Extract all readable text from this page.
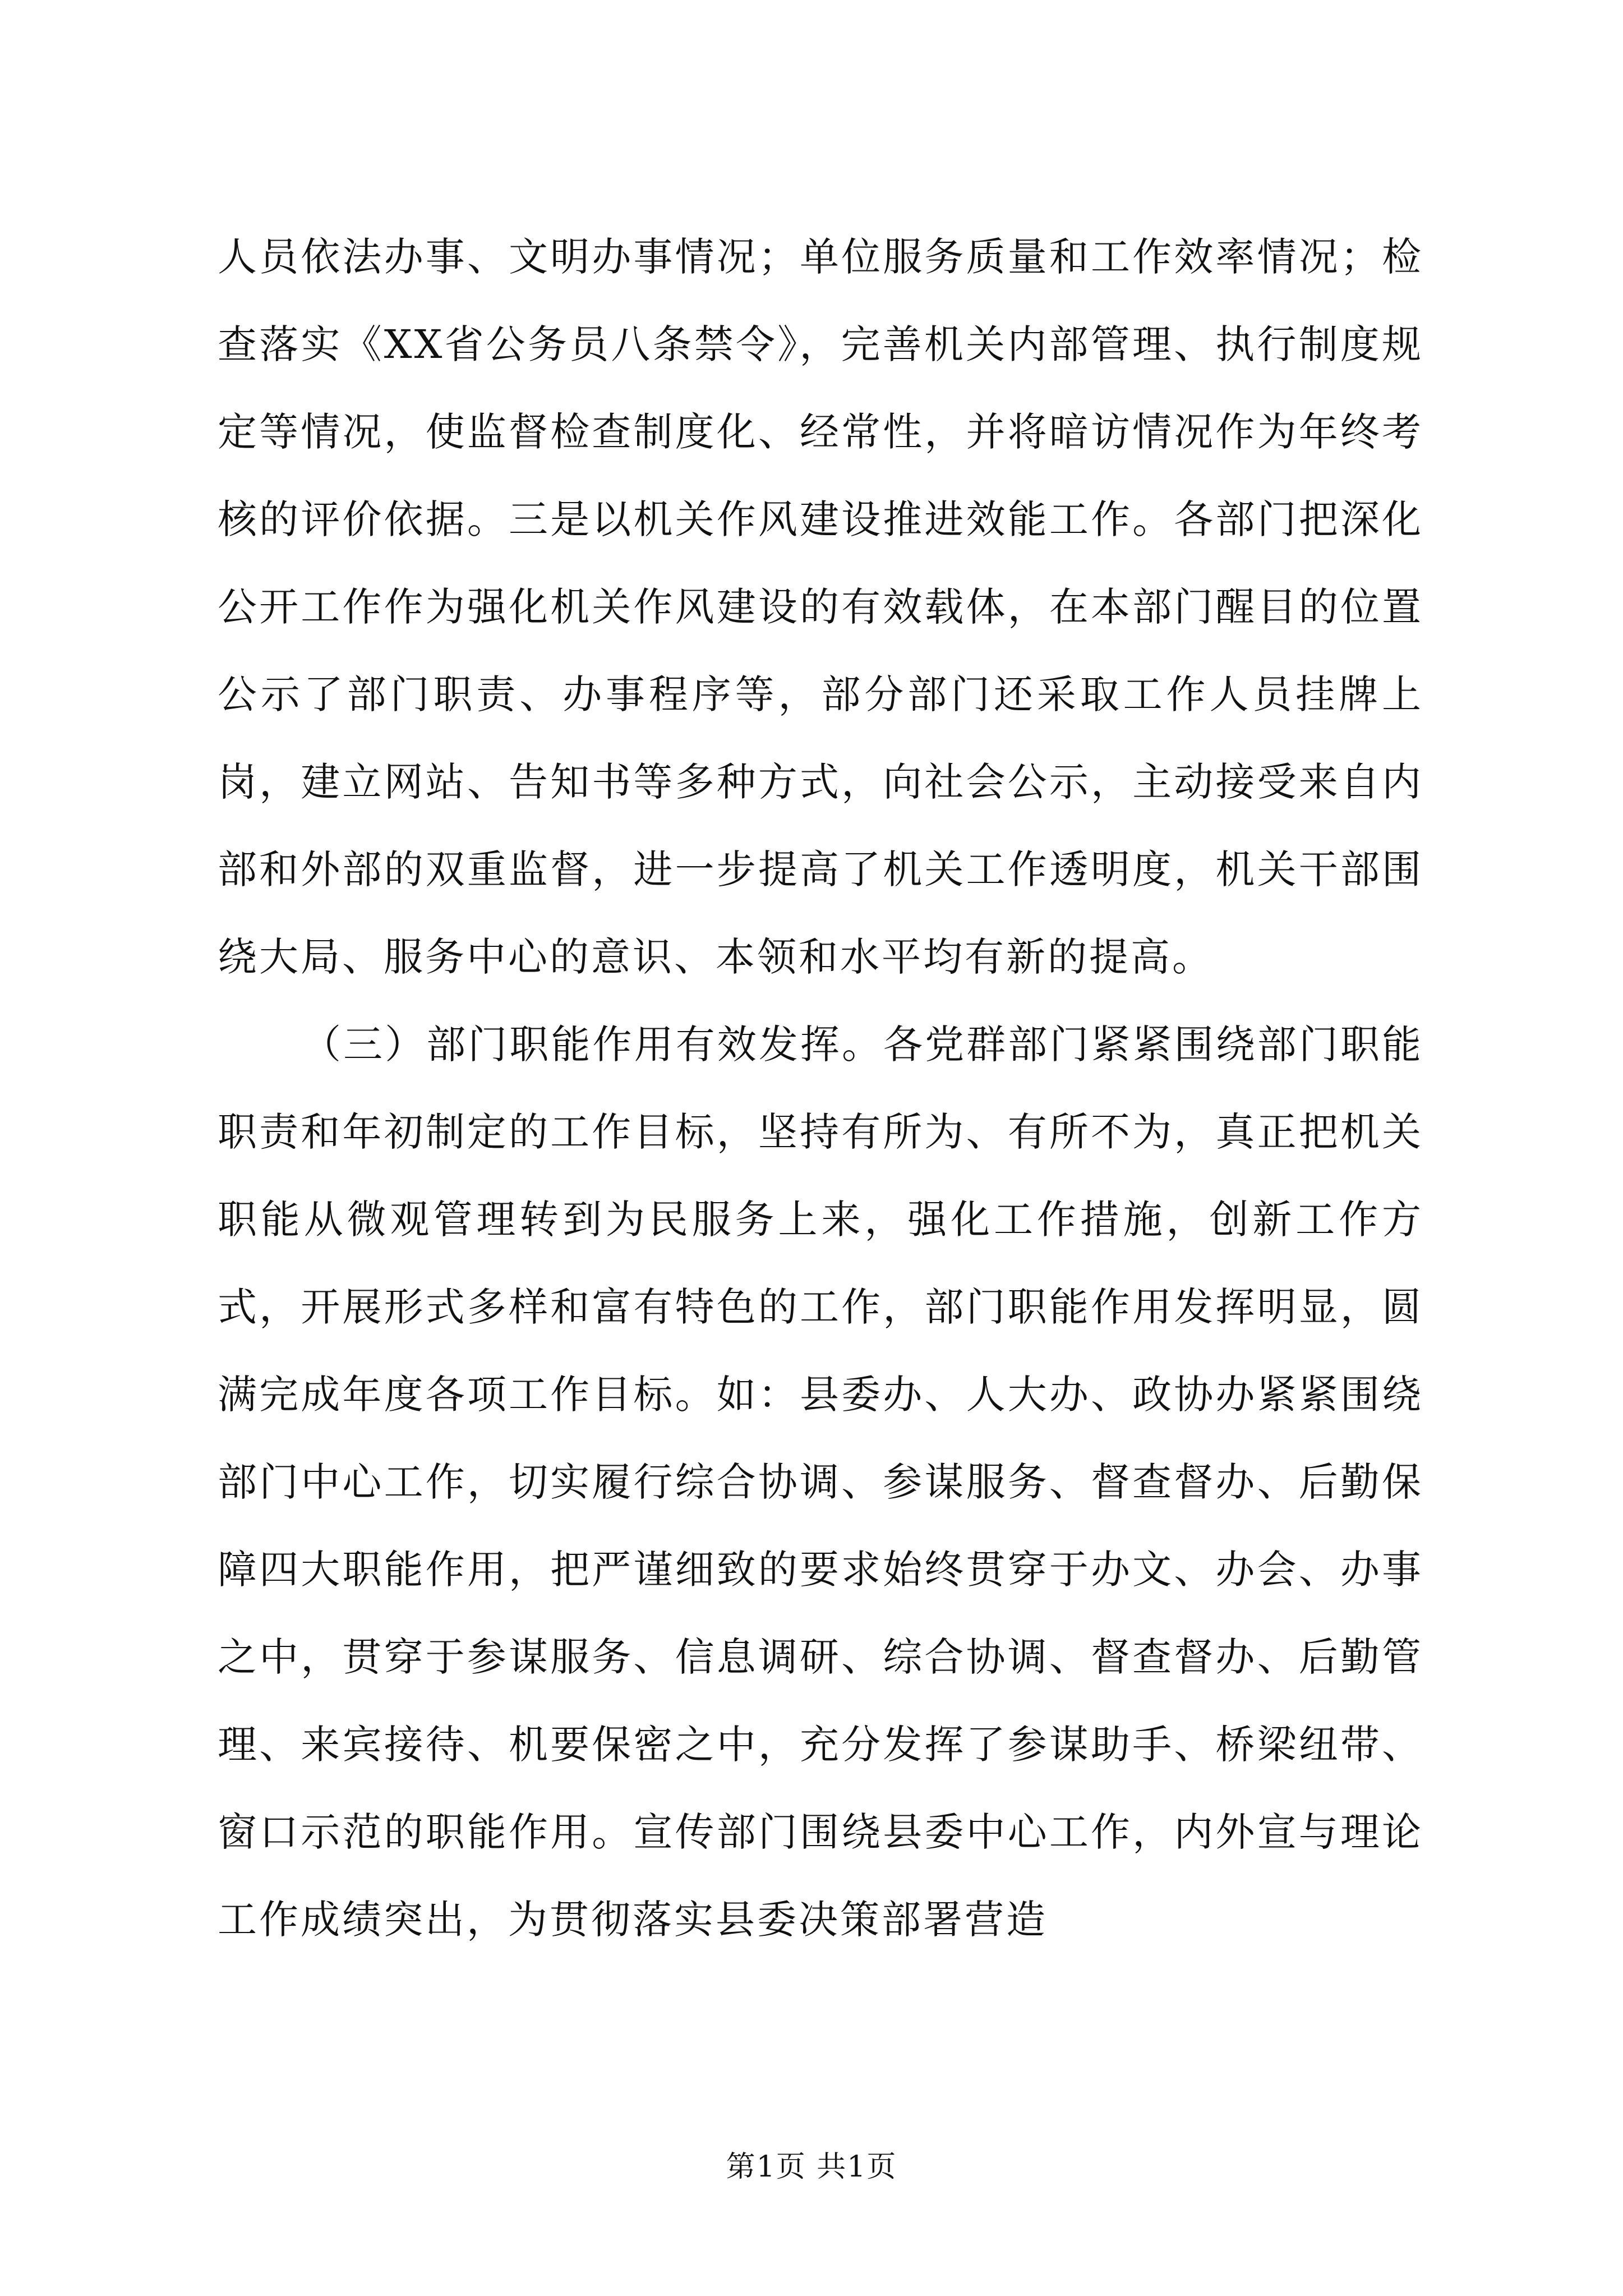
人员依法办事、文明办事情况；单位服务质量和工作效率情况；检查落实《XX省公务员八条禁令》，完善机关内部管理、执行制度规定等情况，使监督检查制度化、经常性，并将暗访情况作为年终考核的评价依据。三是以机关作风建设推进效能工作。各部门把深化公开工作作为强化机关作风建设的有效载体，在本部门醒目的位置公示了部门职责、办事程序等，部分部门还采取工作人员挂牌上岗，建立网站、告知书等多种方式，向社会公示，主动接受来自内部和外部的双重监督，进一步提高了机关工作透明度，机关干部围绕大局、服务中心的意识、本领和水平均有新的提高。

（三）部门职能作用有效发挥。各党群部门紧紧围绕部门职能职责和年初制定的工作目标，坚持有所为、有所不为，真正把机关职能从微观管理转到为民服务上来，强化工作措施，创新工作方式，开展形式多样和富有特色的工作，部门职能作用发挥明显，圆满完成年度各项工作目标。如：县委办、人大办、政协办紧紧围绕部门中心工作，切实履行综合协调、参谋服务、督查督办、后勤保障四大职能作用，把严谨细致的要求始终贯穿于办文、办会、办事之中，贯穿于参谋服务、信息调研、综合协调、督查督办、后勤管理、来宾接待、机要保密之中，充分发挥了参谋助手、桥梁纽带、窗口示范的职能作用。宣传部门围绕县委中心工作，内外宣与理论工作成绩突出，为贯彻落实县委决策部署营造

第1页 共1页
